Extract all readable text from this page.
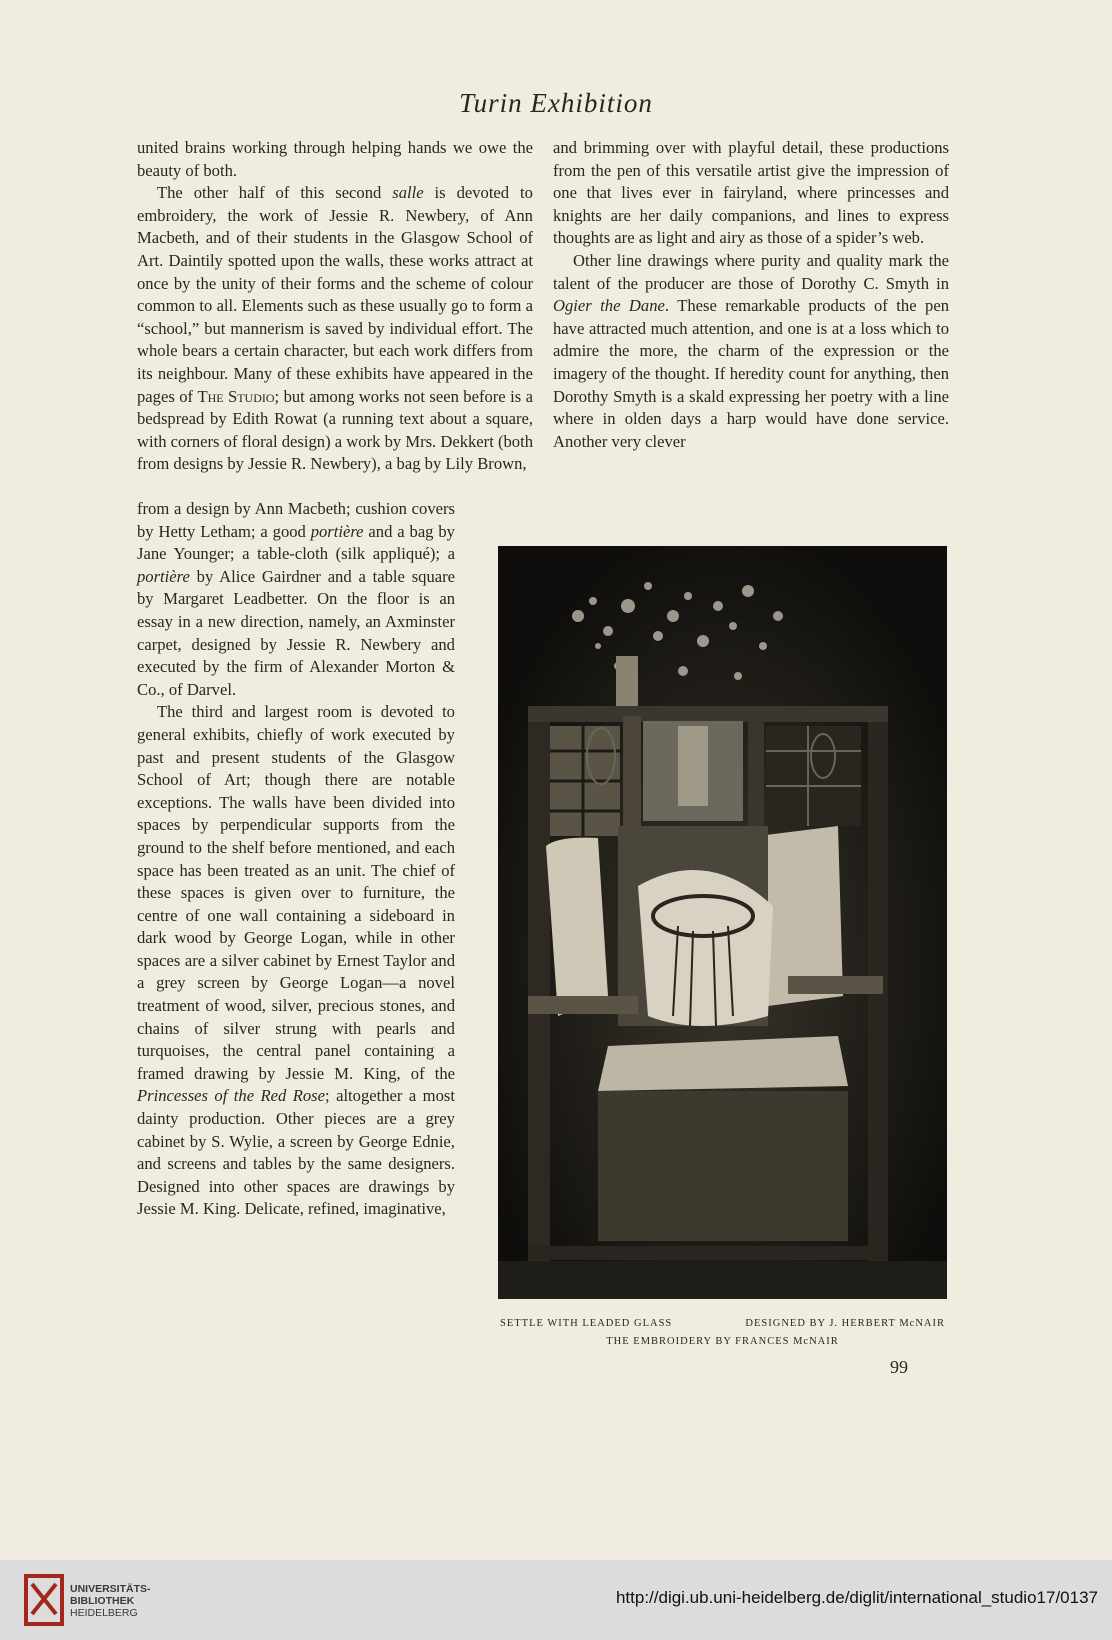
Turin Exhibition

united brains working through helping hands we owe the beauty of both.

The other half of this second salle is devoted to embroidery, the work of Jessie R. Newbery, of Ann Macbeth, and of their students in the Glasgow School of Art. Daintily spotted upon the walls, these works attract at once by the unity of their forms and the scheme of colour common to all. Elements such as these usually go to form a “school,” but mannerism is saved by individual effort. The whole bears a certain character, but each work differs from its neighbour. Many of these exhibits have appeared in the pages of The Studio; but among works not seen before is a bedspread by Edith Rowat (a running text about a square, with corners of floral design) a work by Mrs. Dekkert (both from designs by Jessie R. Newbery), a bag by Lily Brown,

from a design by Ann Macbeth; cushion covers by Hetty Letham; a good portière and a bag by Jane Younger; a table-cloth (silk appliqué); a portière by Alice Gairdner and a table square by Margaret Leadbetter. On the floor is an essay in a new direction, namely, an Axminster carpet, designed by Jessie R. Newbery and executed by the firm of Alexander Morton & Co., of Darvel.

The third and largest room is devoted to general exhibits, chiefly of work executed by past and present students of the Glasgow School of Art; though there are notable exceptions. The walls have been divided into spaces by perpendicular supports from the ground to the shelf before mentioned, and each space has been treated as an unit. The chief of these spaces is given over to furniture, the centre of one wall containing a sideboard in dark wood by George Logan, while in other spaces are a silver cabinet by Ernest Taylor and a grey screen by George Logan—a novel treatment of wood, silver, precious stones, and chains of silver strung with pearls and turquoises, the central panel containing a framed drawing by Jessie M. King, of the Princesses of the Red Rose; altogether a most dainty production. Other pieces are a grey cabinet by S. Wylie, a screen by George Ednie, and screens and tables by the same designers. Designed into other spaces are drawings by Jessie M. King. Delicate, refined, imaginative,

and brimming over with playful detail, these productions from the pen of this versatile artist give the impression of one that lives ever in fairyland, where princesses and knights are her daily companions, and lines to express thoughts are as light and airy as those of a spider’s web.

Other line drawings where purity and quality mark the talent of the producer are those of Dorothy C. Smyth in Ogier the Dane. These remarkable products of the pen have attracted much attention, and one is at a loss which to admire the more, the charm of the expression or the imagery of the thought. If heredity count for anything, then Dorothy Smyth is a skald expressing her poetry with a line where in olden days a harp would have done service. Another very clever

SETTLE WITH LEADED GLASS	DESIGNED BY J. HERBERT McNAIR
THE EMBROIDERY BY FRANCES McNAIR
99
UNIVERSITÄTS-
BIBLIOTHEK
HEIDELBERG
http://digi.ub.uni-heidelberg.de/diglit/international_studio17/0137
